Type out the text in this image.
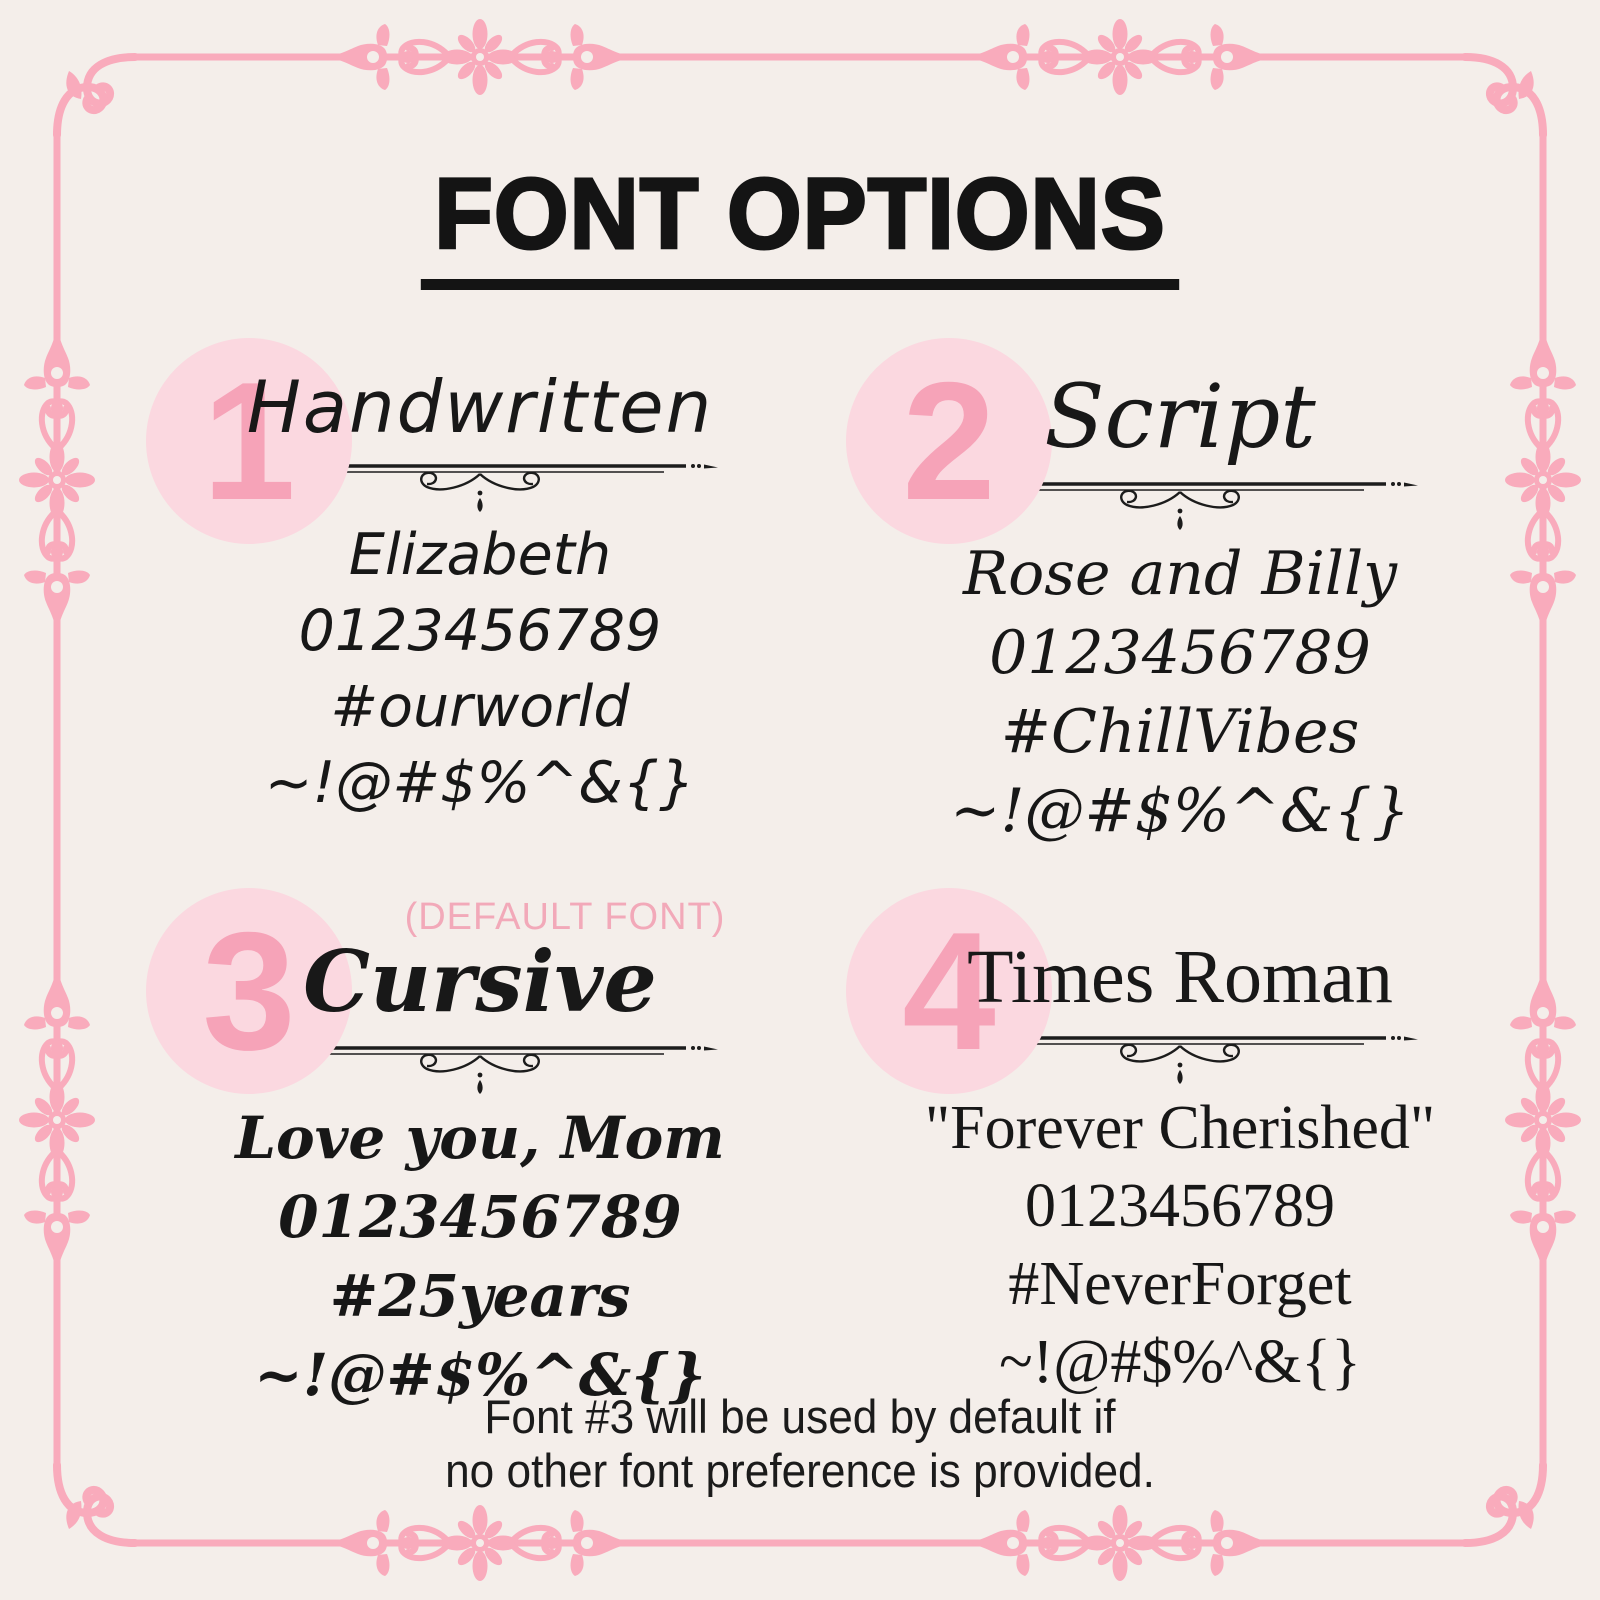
FONT OPTIONS
1
Handwritten
Elizabeth
0123456789
#ourworld
~!@#$%^&{}
2 Script
Rose and Billy
0123456789
#ChillVibes
~!@#$%^&{}
3	(DEFAULT FONT)
Cursive
Love you, Mom
0123456789
#25years
~!@#$%^&{}
4
Times Roman
"Forever Cherished"
0123456789
#NeverForget
~!@#$%^&{}
Font #3 will be used by default if
no other font preference is provided.
